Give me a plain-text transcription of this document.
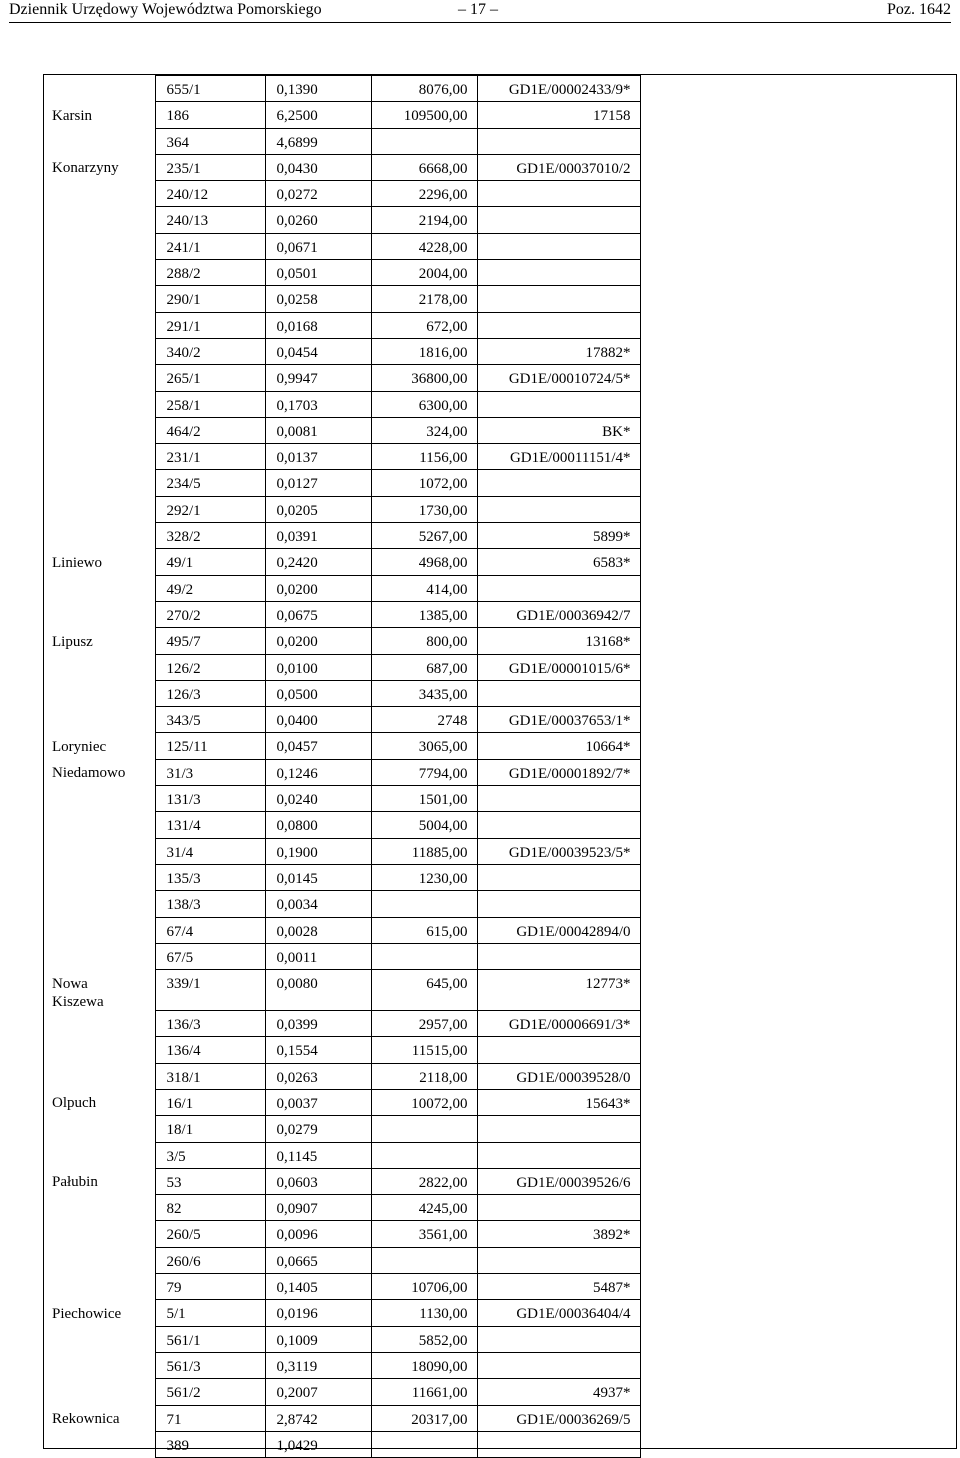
Dziennik Urzędowy Województwa Pomorskiego	– 17 –	Poz. 1642
	655/1	0,1390	8076,00	GD1E/00002433/9*
Karsin	186	6,2500	109500,00	17158
	364	4,6899		
Konarzyny	235/1	0,0430	6668,00	GD1E/00037010/2
	240/12	0,0272	2296,00	
	240/13	0,0260	2194,00	
	241/1	0,0671	4228,00	
	288/2	0,0501	2004,00	
	290/1	0,0258	2178,00	
	291/1	0,0168	672,00	
	340/2	0,0454	1816,00	17882*
	265/1	0,9947	36800,00	GD1E/00010724/5*
	258/1	0,1703	6300,00	
	464/2	0,0081	324,00	BK*
	231/1	0,0137	1156,00	GD1E/00011151/4*
	234/5	0,0127	1072,00	
	292/1	0,0205	1730,00	
	328/2	0,0391	5267,00	5899*
Liniewo	49/1	0,2420	4968,00	6583*
	49/2	0,0200	414,00	
	270/2	0,0675	1385,00	GD1E/00036942/7
Lipusz	495/7	0,0200	800,00	13168*
	126/2	0,0100	687,00	GD1E/00001015/6*
	126/3	0,0500	3435,00	
	343/5	0,0400	2748	GD1E/00037653/1*
Loryniec	125/11	0,0457	3065,00	10664*
Niedamowo	31/3	0,1246	7794,00	GD1E/00001892/7*
	131/3	0,0240	1501,00	
	131/4	0,0800	5004,00	
	31/4	0,1900	11885,00	GD1E/00039523/5*
	135/3	0,0145	1230,00	
	138/3	0,0034		
	67/4	0,0028	615,00	GD1E/00042894/0
	67/5	0,0011		
Nowa
Kiszewa	339/1	0,0080	645,00	12773*
	136/3	0,0399	2957,00	GD1E/00006691/3*
	136/4	0,1554	11515,00	
	318/1	0,0263	2118,00	GD1E/00039528/0
Olpuch	16/1	0,0037	10072,00	15643*
	18/1	0,0279		
	3/5	0,1145		
Pałubin	53	0,0603	2822,00	GD1E/00039526/6
	82	0,0907	4245,00	
	260/5	0,0096	3561,00	3892*
	260/6	0,0665		
	79	0,1405	10706,00	5487*
Piechowice	5/1	0,0196	1130,00	GD1E/00036404/4
	561/1	0,1009	5852,00	
	561/3	0,3119	18090,00	
	561/2	0,2007	11661,00	4937*
Rekownica	71	2,8742	20317,00	GD1E/00036269/5
	389	1,0429		
